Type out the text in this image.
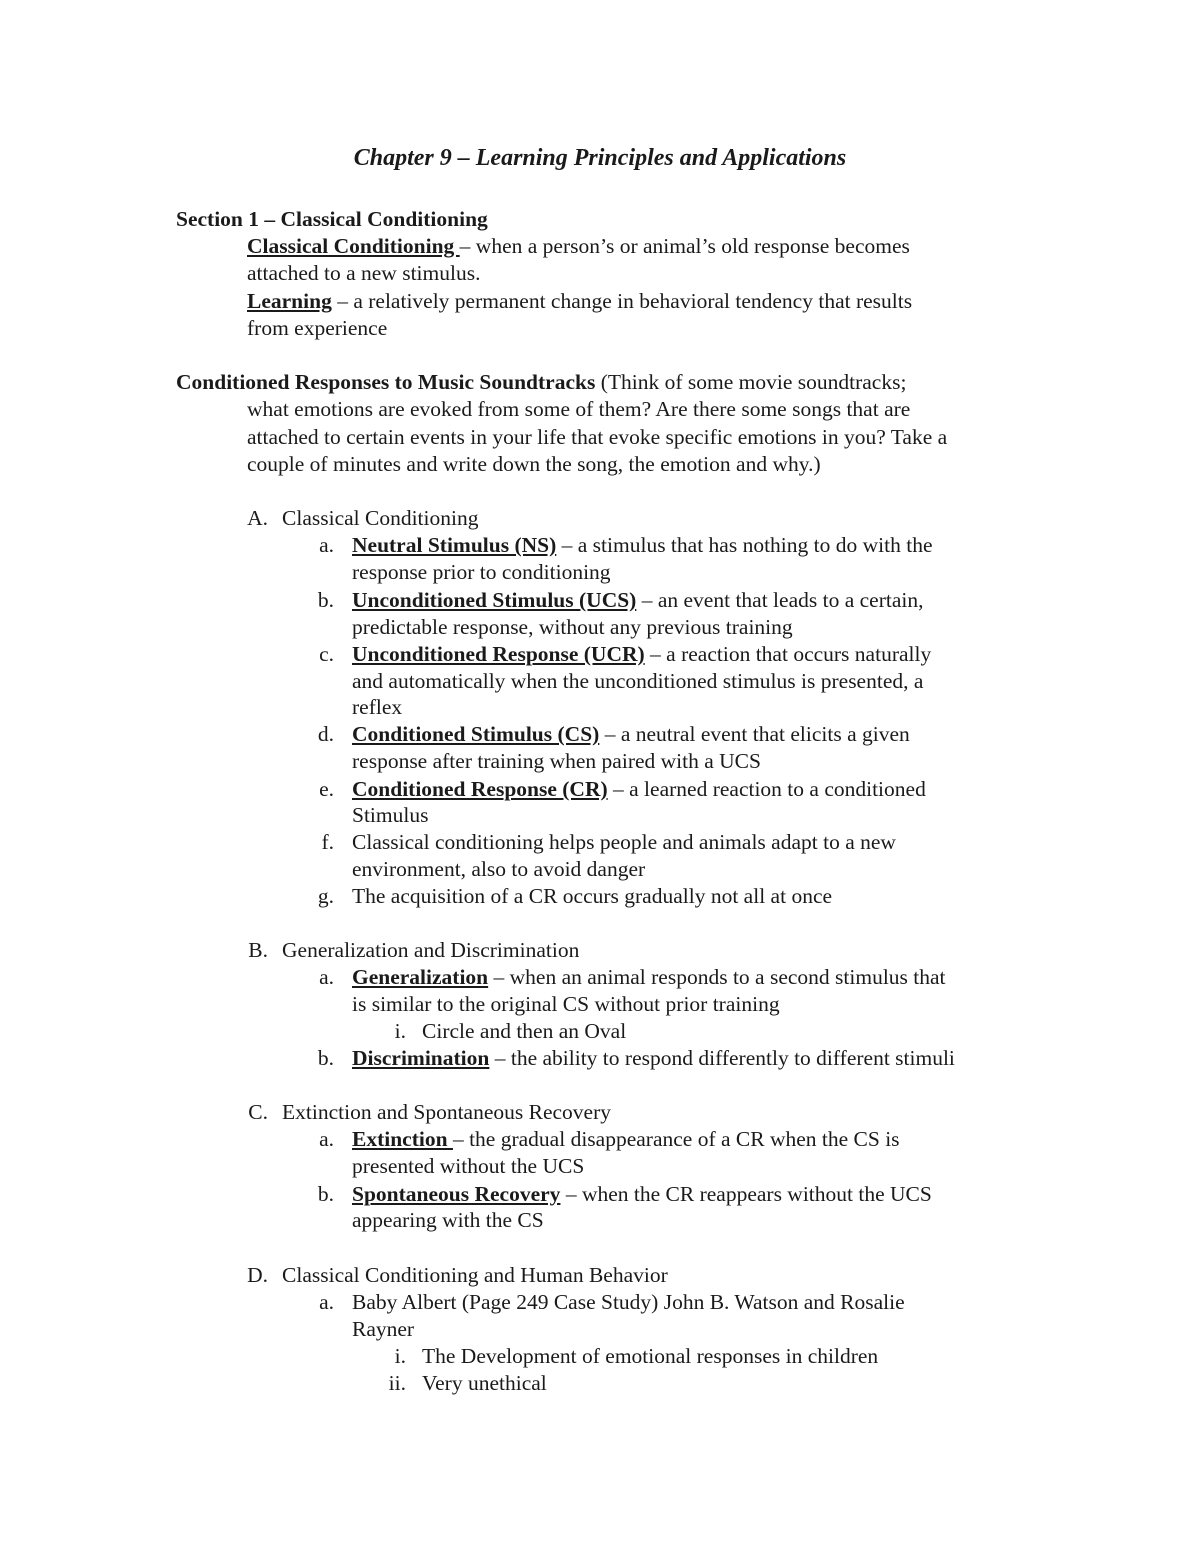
Chapter 9 – Learning Principles and Applications
Section 1 – Classical Conditioning
Classical Conditioning – when a person’s or animal’s old response becomes
attached to a new stimulus.
Learning – a relatively permanent change in behavioral tendency that results
from experience
Conditioned Responses to Music Soundtracks (Think of some movie soundtracks;
what emotions are evoked from some of them? Are there some songs that are
attached to certain events in your life that evoke specific emotions in you? Take a
couple of minutes and write down the song, the emotion and why.)
A. Classical Conditioning
a. Neutral Stimulus (NS) – a stimulus that has nothing to do with the
response prior to conditioning
b. Unconditioned Stimulus (UCS) – an event that leads to a certain,
predictable response, without any previous training
c. Unconditioned Response (UCR) – a reaction that occurs naturally
and automatically when the unconditioned stimulus is presented, a
reflex
d. Conditioned Stimulus (CS) – a neutral event that elicits a given
response after training when paired with a UCS
e. Conditioned Response (CR) – a learned reaction to a conditioned
Stimulus
f. Classical conditioning helps people and animals adapt to a new
environment, also to avoid danger
g. The acquisition of a CR occurs gradually not all at once
B. Generalization and Discrimination
a. Generalization – when an animal responds to a second stimulus that
is similar to the original CS without prior training
i. Circle and then an Oval
b. Discrimination – the ability to respond differently to different stimuli
C. Extinction and Spontaneous Recovery
a. Extinction – the gradual disappearance of a CR when the CS is
presented without the UCS
b. Spontaneous Recovery – when the CR reappears without the UCS
appearing with the CS
D. Classical Conditioning and Human Behavior
a. Baby Albert (Page 249 Case Study) John B. Watson and Rosalie
Rayner
i. The Development of emotional responses in children
ii. Very unethical
